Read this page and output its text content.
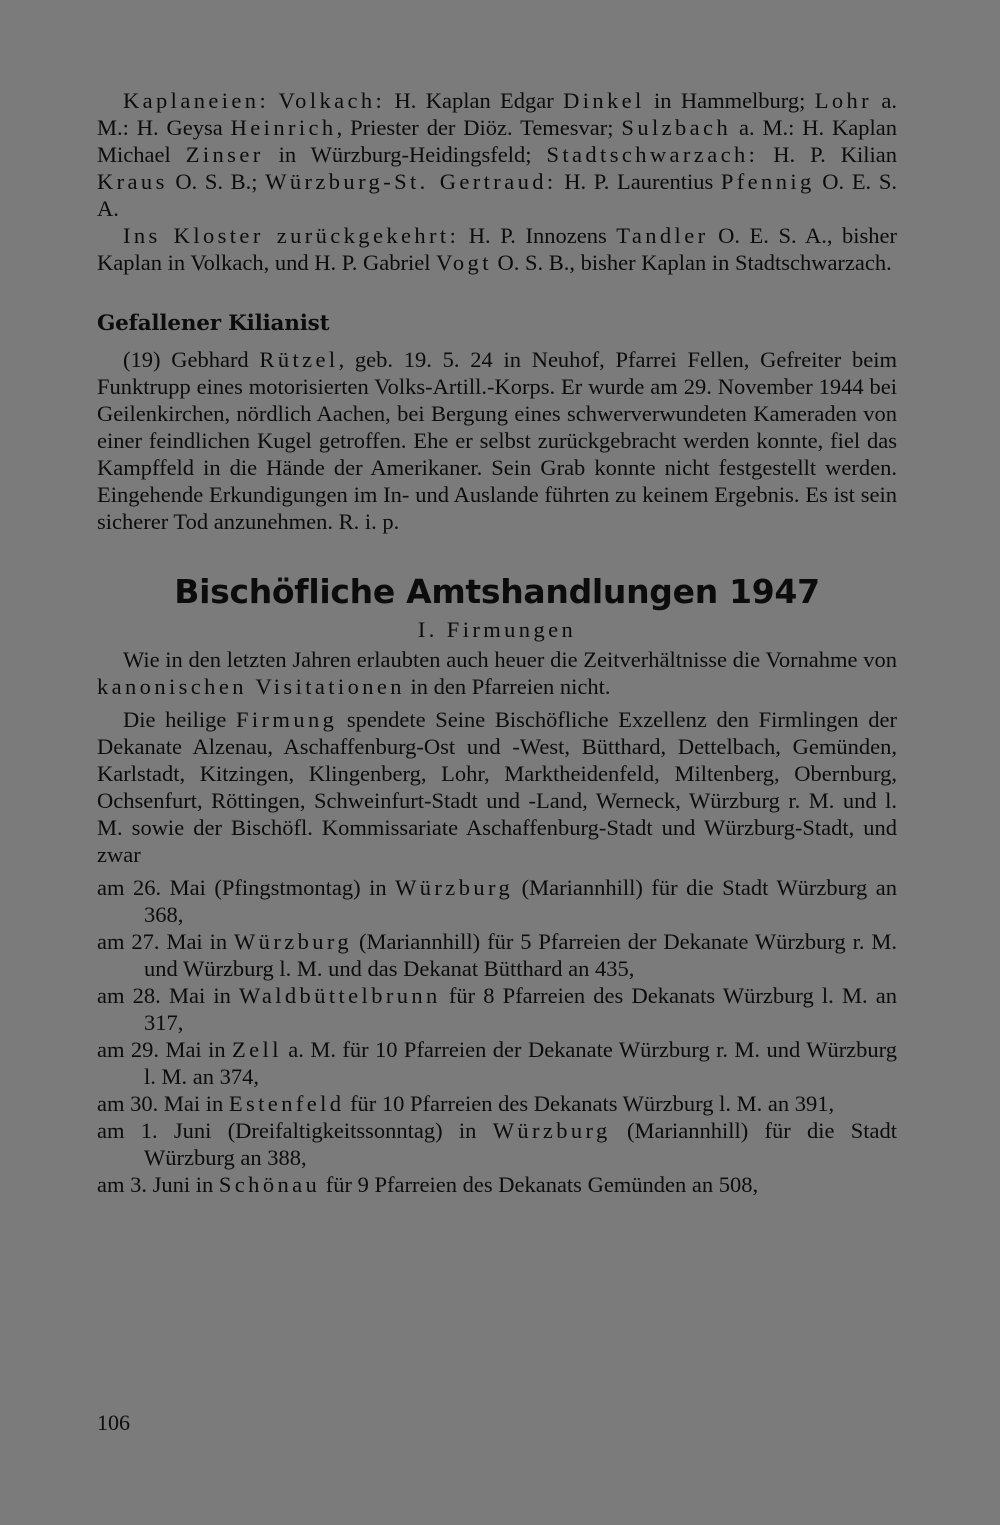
Kaplaneien: Volkach: H. Kaplan Edgar Dinkel in Hammelburg; Lohr a. M.: H. Geysa Heinrich, Priester der Diöz. Temesvar; Sulzbach a. M.: H. Kaplan Michael Zinser in Würzburg-Heidingsfeld; Stadtschwarzach: H. P. Kilian Kraus O. S. B.; Würzburg-St. Gertraud: H. P. Laurentius Pfennig O. E. S. A.

Ins Kloster zurückgekehrt: H. P. Innozens Tandler O. E. S. A., bisher Kaplan in Volkach, und H. P. Gabriel Vogt O. S. B., bisher Kaplan in Stadtschwarzach.

Gefallener Kilianist

(19) Gebhard Rützel, geb. 19. 5. 24 in Neuhof, Pfarrei Fellen, Gefreiter beim Funktrupp eines motorisierten Volks-Artill.-Korps. Er wurde am 29. November 1944 bei Geilenkirchen, nördlich Aachen, bei Bergung eines schwerverwundeten Kameraden von einer feindlichen Kugel getroffen. Ehe er selbst zurückgebracht werden konnte, fiel das Kampffeld in die Hände der Amerikaner. Sein Grab konnte nicht festgestellt werden. Eingehende Erkundigungen im In- und Auslande führten zu keinem Ergebnis. Es ist sein sicherer Tod anzunehmen. R. i. p.

Bischöfliche Amtshandlungen 1947
I. Firmungen

Wie in den letzten Jahren erlaubten auch heuer die Zeitverhältnisse die Vornahme von kanonischen Visitationen in den Pfarreien nicht.

Die heilige Firmung spendete Seine Bischöfliche Exzellenz den Firmlingen der Dekanate Alzenau, Aschaffenburg-Ost und -West, Bütthard, Dettelbach, Gemünden, Karlstadt, Kitzingen, Klingenberg, Lohr, Marktheidenfeld, Miltenberg, Obernburg, Ochsenfurt, Röttingen, Schweinfurt-Stadt und -Land, Werneck, Würzburg r. M. und l. M. sowie der Bischöfl. Kommissariate Aschaffenburg-Stadt und Würzburg-Stadt, und zwar

am 26. Mai (Pfingstmontag) in Würzburg (Mariannhill) für die Stadt Würzburg an 368,

am 27. Mai in Würzburg (Mariannhill) für 5 Pfarreien der Dekanate Würzburg r. M. und Würzburg l. M. und das Dekanat Bütthard an 435,

am 28. Mai in Waldbüttelbrunn für 8 Pfarreien des Dekanats Würzburg l. M. an 317,

am 29. Mai in Zell a. M. für 10 Pfarreien der Dekanate Würzburg r. M. und Würzburg l. M. an 374,

am 30. Mai in Estenfeld für 10 Pfarreien des Dekanats Würzburg l. M. an 391,

am 1. Juni (Dreifaltigkeitssonntag) in Würzburg (Mariannhill) für die Stadt Würzburg an 388,

am 3. Juni in Schönau für 9 Pfarreien des Dekanats Gemünden an 508,

106
